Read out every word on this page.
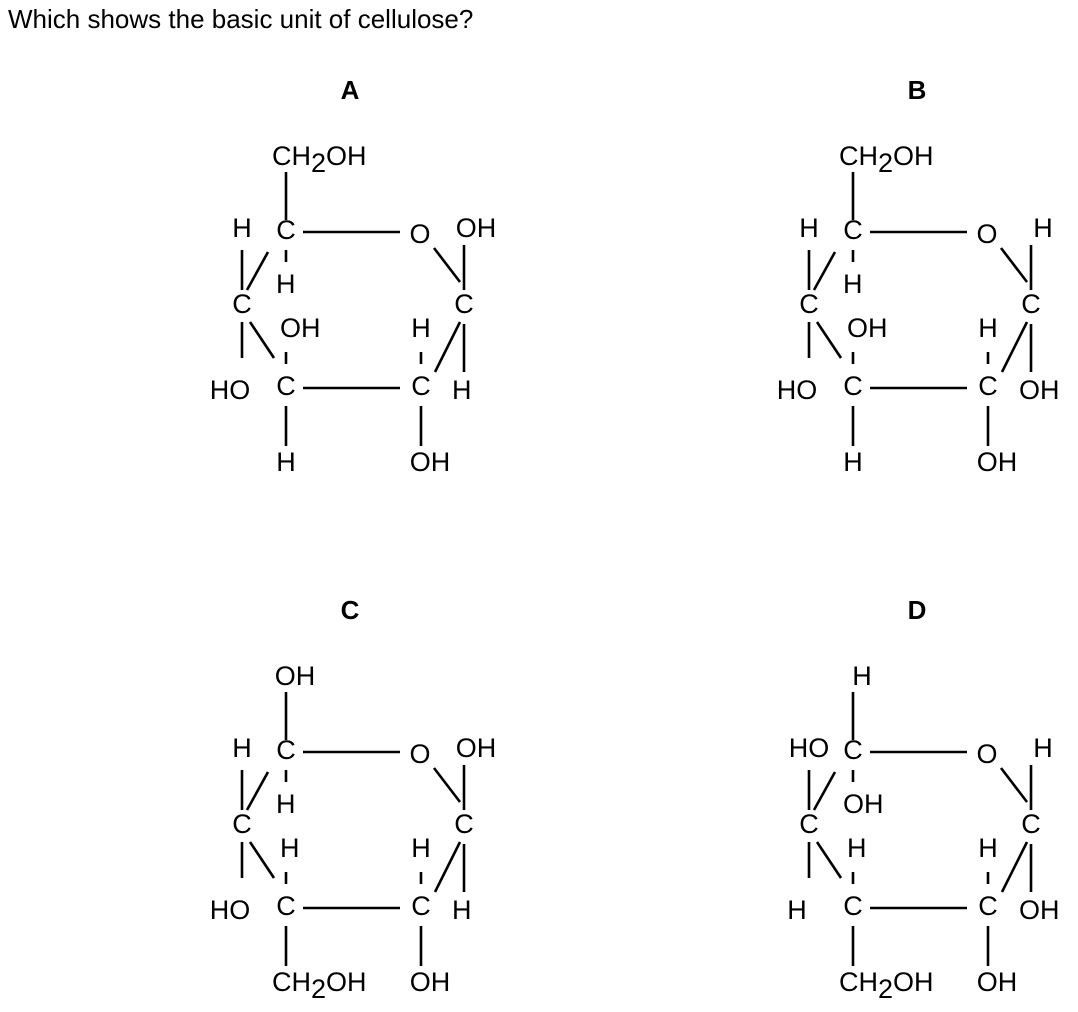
Which shows the basic unit of cellulose?
A
CH2OH
C
C
C	C
C
O
H
H
OH
OH
HO
H
H
OH
H
B
CH2OH
C
C
C	C
C
O
H
H
H
OH
HO
H
OH
OH
H
C
OH
C
C
C	C
C
O
H
H
OH
H
HO
H
H
OH
CH2OH
D
H
C
C
C	C
C
O
HO
OH
H
H
H
H
OH
OH
CH2OH
